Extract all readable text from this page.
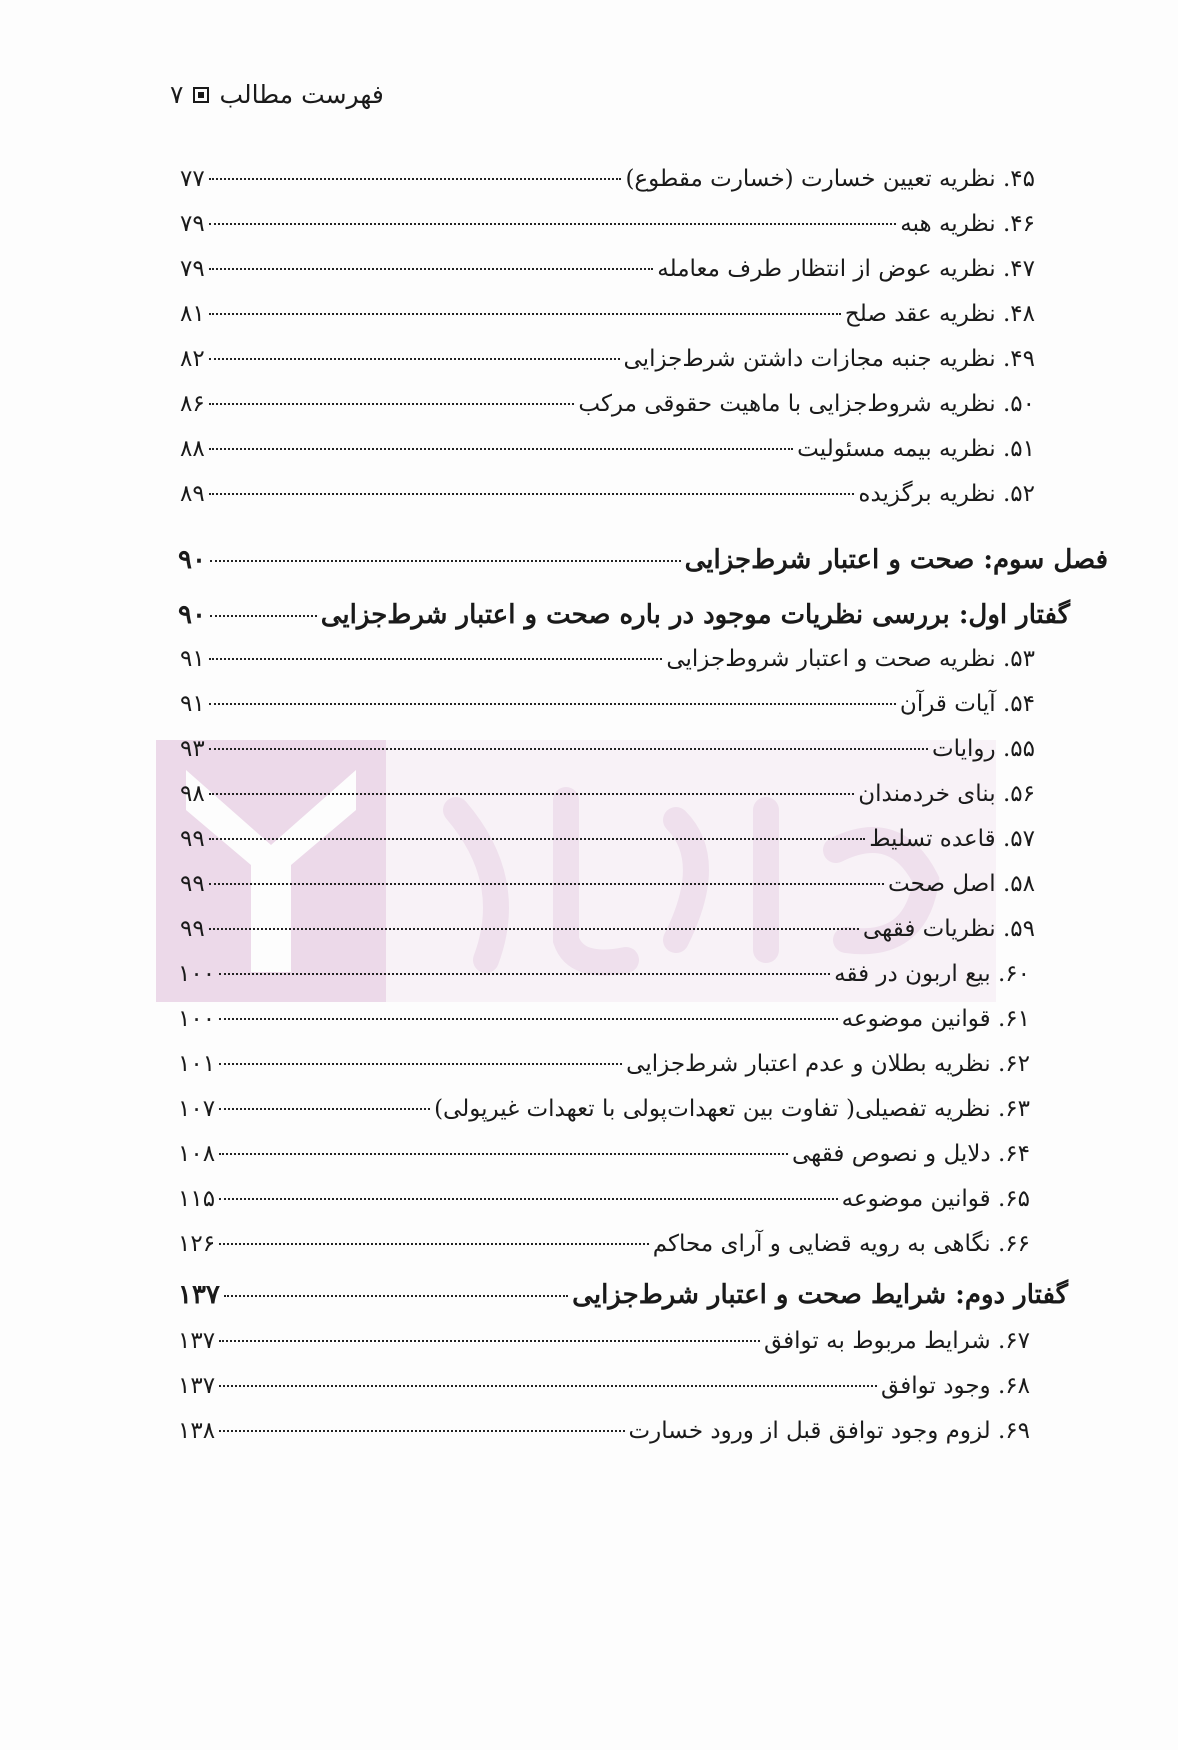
فهرست مطالب
۷
۴۵. نظریه تعیین خسارت (خسارت مقطوع)
۷۷
۴۶. نظریه هبه
۷۹
۴۷. نظریه عوض از انتظار طرف معامله
۷۹
۴۸. نظریه عقد صلح
۸۱
۴۹. نظریه جنبه مجازات داشتن شرط‌جزایی
۸۲
۵۰. نظریه شروط‌جزایی با ماهیت حقوقی مرکب
۸۶
۵۱. نظریه بیمه مسئولیت
۸۸
۵۲. نظریه برگزیده
۸۹
فصل سوم: صحت و اعتبار شرط‌جزایی
۹۰
گفتار اول: بررسی نظریات موجود در باره صحت و اعتبار شرط‌جزایی
۹۰
۵۳. نظریه صحت و اعتبار شروط‌جزایی
۹۱
۵۴. آیات قرآن
۹۱
۵۵. روایات
۹۳
۵۶. بنای خردمندان
۹۸
۵۷. قاعده تسلیط
۹۹
۵۸. اصل صحت
۹۹
۵۹. نظریات فقهی
۹۹
۶۰. بیع اربون در فقه
۱۰۰
۶۱. قوانین موضوعه
۱۰۰
۶۲. نظریه بطلان و عدم اعتبار شرط‌جزایی
۱۰۱
۶۳. نظریه تفصیلی( تفاوت بین تعهدات‌پولی با تعهدات غیرپولی)
۱۰۷
۶۴. دلایل و نصوص فقهی
۱۰۸
۶۵. قوانین موضوعه
۱۱۵
۶۶. نگاهی به رویه قضایی و آرای محاکم
۱۲۶
گفتار دوم: شرایط صحت و اعتبار شرط‌جزایی
۱۳۷
۶۷. شرایط مربوط به توافق
۱۳۷
۶۸. وجود توافق
۱۳۷
۶۹. لزوم وجود توافق قبل از ورود خسارت
۱۳۸
